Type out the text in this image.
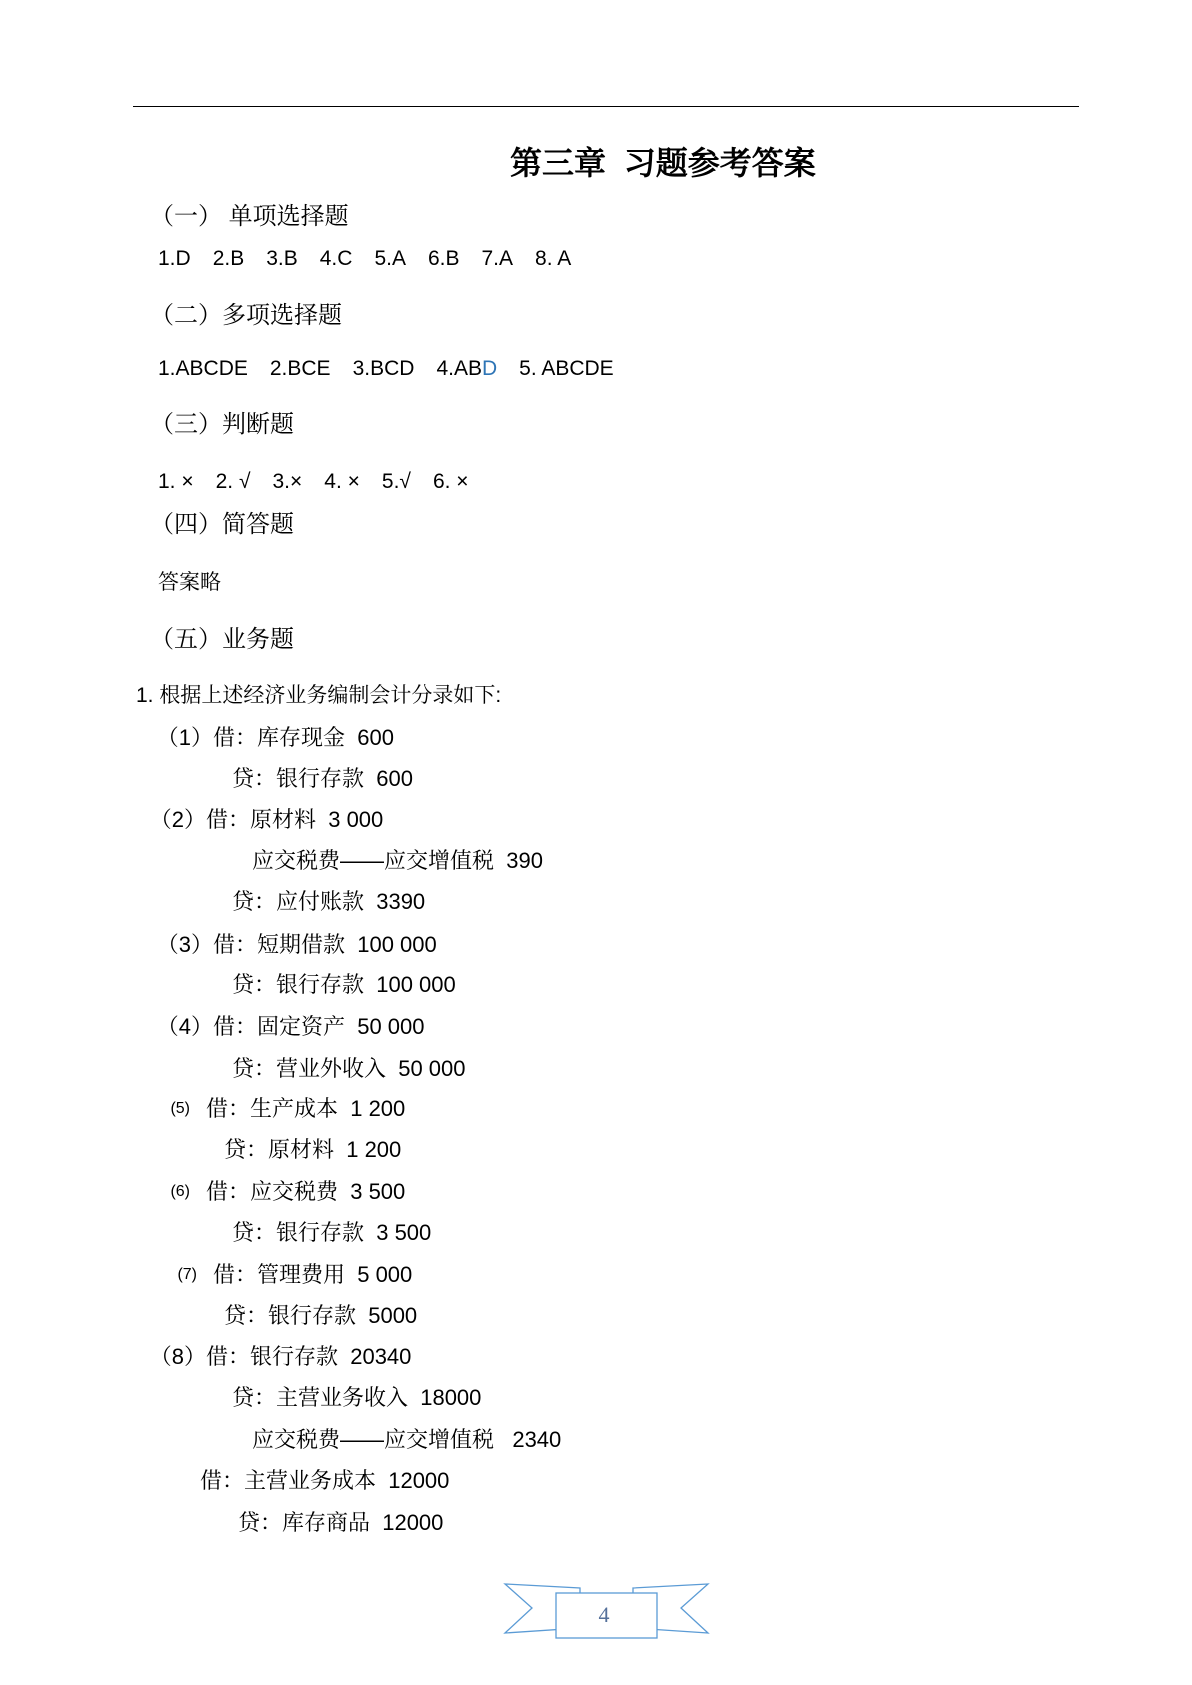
第三章  习题参考答案
（一） 单项选择题
1.D 2.B 3.B 4.C 5.A 6.B 7.A 8. A
（二）多项选择题
1.ABCDE 2.BCE 3.BCD 4.ABD 5. ABCDE
（三）判断题
1. × 2. √ 3.× 4. × 5.√ 6. ×
（四）简答题
答案略
（五）业务题
1. 根据上述经济业务编制会计分录如下:
（1） 借：库存现金  600
贷：银行存款  600
（2） 借：原材料  3 000
应交税费——应交增值税  390
贷：应付账款  3390
（3） 借：短期借款  100 000
贷：银行存款  100 000
（4） 借：固定资产  50 000
贷：营业外收入  50 000
(5) 借：生产成本  1 200
贷：原材料  1 200
(6) 借：应交税费  3 500
贷：银行存款  3 500
(7) 借：管理费用  5 000
贷：银行存款  5000
（8） 借：银行存款  20340
贷：主营业务收入  18000
应交税费——应交增值税   2340
借：主营业务成本  12000
贷：库存商品  12000
4
